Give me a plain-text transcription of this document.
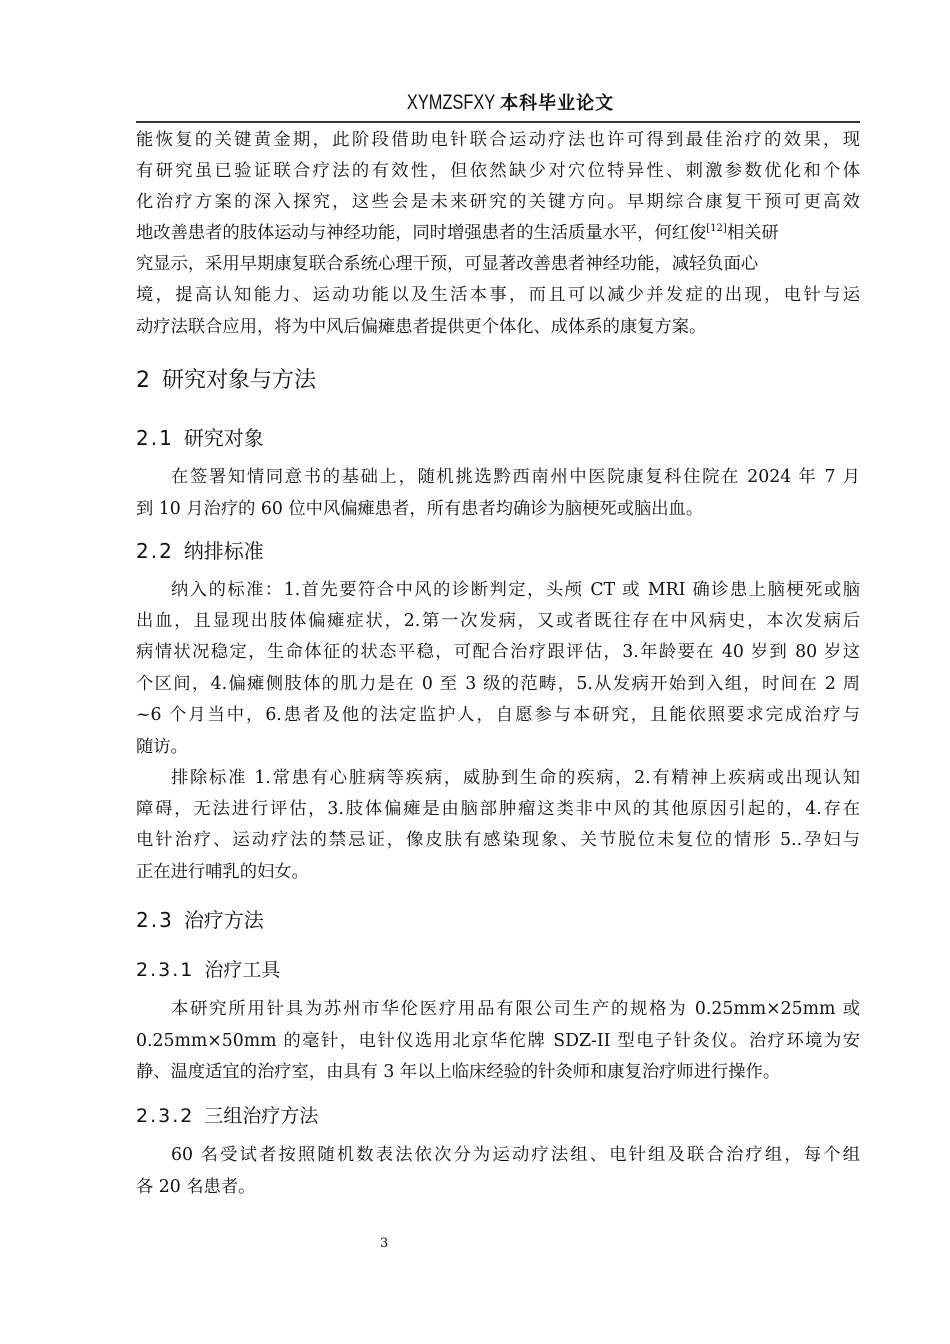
XYMZSFXY 本科毕业论文
能恢复的关键黄金期，此阶段借助电针联合运动疗法也许可得到最佳治疗的效果，现
有研究虽已验证联合疗法的有效性，但依然缺少对穴位特异性、刺激参数优化和个体
化治疗方案的深入探究，这些会是未来研究的关键方向。早期综合康复干预可更高效
地改善患者的肢体运动与神经功能，同时增强患者的生活质量水平，何红俊[12]相关研
究显示，采用早期康复联合系统心理干预，可显著改善患者神经功能，减轻负面心
境，提高认知能力、运动功能以及生活本事，而且可以减少并发症的出现，电针与运
动疗法联合应用，将为中风后偏瘫患者提供更个体化、成体系的康复方案。
2 研究对象与方法
2.1 研究对象
在签署知情同意书的基础上，随机挑选黔西南州中医院康复科住院在 2024 年 7 月
到 10 月治疗的 60 位中风偏瘫患者，所有患者均确诊为脑梗死或脑出血。
2.2 纳排标准
纳入的标准：1.首先要符合中风的诊断判定，头颅 CT 或 MRI 确诊患上脑梗死或脑
出血，且显现出肢体偏瘫症状，2.第一次发病，又或者既往存在中风病史，本次发病后
病情状况稳定，生命体征的状态平稳，可配合治疗跟评估，3.年龄要在 40 岁到 80 岁这
个区间，4.偏瘫侧肢体的肌力是在 0 至 3 级的范畴，5.从发病开始到入组，时间在 2 周
~6 个月当中，6.患者及他的法定监护人，自愿参与本研究，且能依照要求完成治疗与
随访。
排除标准 1.常患有心脏病等疾病，威胁到生命的疾病，2.有精神上疾病或出现认知
障碍，无法进行评估，3.肢体偏瘫是由脑部肿瘤这类非中风的其他原因引起的，4.存在
电针治疗、运动疗法的禁忌证，像皮肤有感染现象、关节脱位未复位的情形 5..孕妇与
正在进行哺乳的妇女。
2.3 治疗方法
2.3.1 治疗工具
本研究所用针具为苏州市华伦医疗用品有限公司生产的规格为 0.25mm×25mm 或
0.25mm×50mm 的毫针，电针仪选用北京华佗牌 SDZ-II 型电子针灸仪。治疗环境为安
静、温度适宜的治疗室，由具有 3 年以上临床经验的针灸师和康复治疗师进行操作。
2.3.2 三组治疗方法
60 名受试者按照随机数表法依次分为运动疗法组、电针组及联合治疗组，每个组
各 20 名患者。
3
